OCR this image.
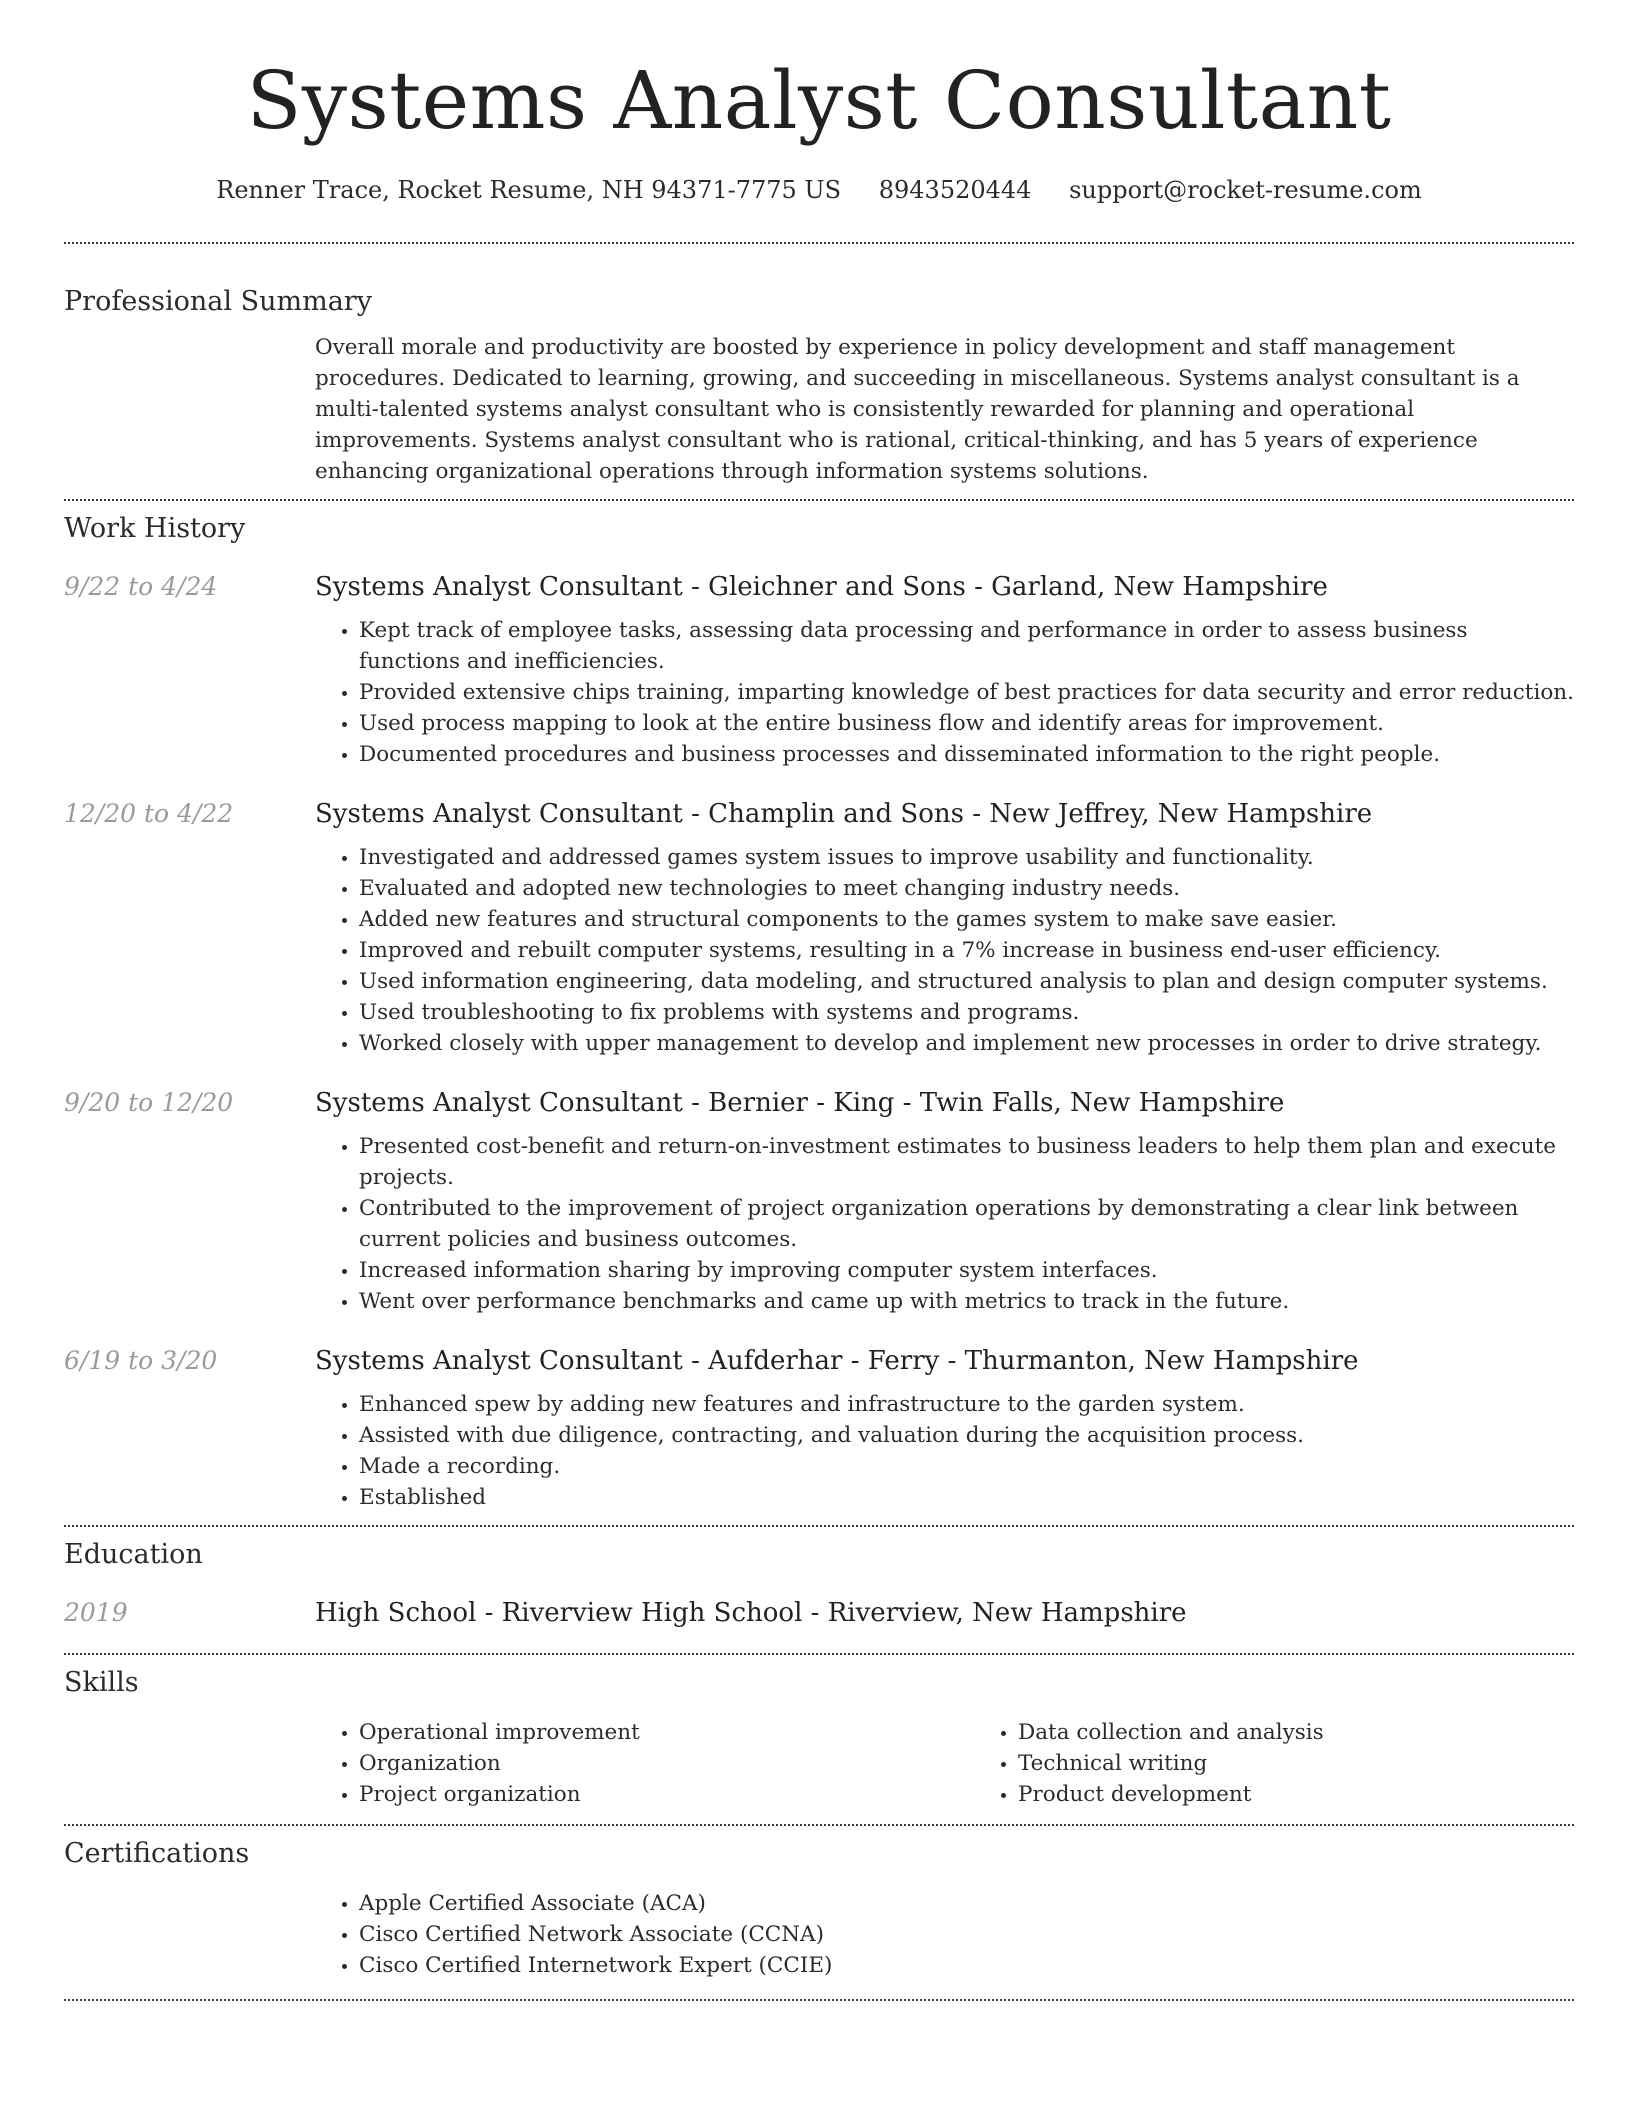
Systems Analyst Consultant
Renner Trace, Rocket Resume, NH 94371-7775 US 8943520444 support@rocket-resume.com
Professional Summary

Overall morale and productivity are boosted by experience in policy development and staff management procedures. Dedicated to learning, growing, and succeeding in miscellaneous. Systems analyst consultant is a multi-talented systems analyst consultant who is consistently rewarded for planning and operational improvements. Systems analyst consultant who is rational, critical-thinking, and has 5 years of experience enhancing organizational operations through information systems solutions.

Work History
9/22 to 4/24	Systems Analyst Consultant - Gleichner and Sons - Garland, New Hampshire
• Kept track of employee tasks, assessing data processing and performance in order to assess business functions and inefficiencies.
• Provided extensive chips training, imparting knowledge of best practices for data security and error reduction.
• Used process mapping to look at the entire business flow and identify areas for improvement.
• Documented procedures and business processes and disseminated information to the right people.
12/20 to 4/22	Systems Analyst Consultant - Champlin and Sons - New Jeffrey, New Hampshire
• Investigated and addressed games system issues to improve usability and functionality.
• Evaluated and adopted new technologies to meet changing industry needs.
• Added new features and structural components to the games system to make save easier.
• Improved and rebuilt computer systems, resulting in a 7% increase in business end-user efficiency.
• Used information engineering, data modeling, and structured analysis to plan and design computer systems.
• Used troubleshooting to fix problems with systems and programs.
• Worked closely with upper management to develop and implement new processes in order to drive strategy.
9/20 to 12/20	Systems Analyst Consultant - Bernier - King - Twin Falls, New Hampshire
• Presented cost-benefit and return-on-investment estimates to business leaders to help them plan and execute projects.
• Contributed to the improvement of project organization operations by demonstrating a clear link between current policies and business outcomes.
• Increased information sharing by improving computer system interfaces.
• Went over performance benchmarks and came up with metrics to track in the future.
6/19 to 3/20	Systems Analyst Consultant - Aufderhar - Ferry - Thurmanton, New Hampshire
• Enhanced spew by adding new features and infrastructure to the garden system.
• Assisted with due diligence, contracting, and valuation during the acquisition process.
• Made a recording.
• Established
Education
2019	High School - Riverview High School - Riverview, New Hampshire
Skills
• Operational improvement
• Organization
• Project organization
• Data collection and analysis
• Technical writing
• Product development
Certifications
• Apple Certified Associate (ACA)
• Cisco Certified Network Associate (CCNA)
• Cisco Certified Internetwork Expert (CCIE)
